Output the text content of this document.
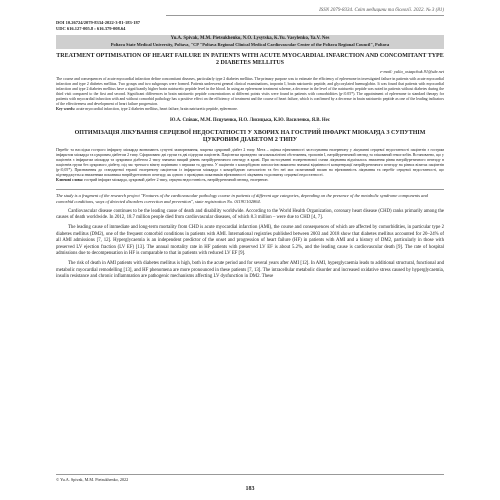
ISSN 2079-8334. Світ медицини та біології. 2022. № 3 (81)
DOI 10.26724/2079-8334-2022-3-81-183-187
UDC 616.127-005.8 : 616.379-008.64
Yu.A. Spivak, M.M. Pietsukhenko, N.O. Lysytska, K.Yu. Vasylenko, Ya.V. Nes
Poltava State Medical University, Poltava, "CP "Poltava Regional Clinical Medical Cardiovascular Center of the Poltava Regional Council", Poltava
TREATMENT OPTIMISATION OF HEART FAILURE IN PATIENTS WITH ACUTE MYOCARDIAL INFARCTION AND CONCOMITANT TYPE 2 DIABETES MELLITUS
e-mail: yulia_ostapchuk.91@ukr.net
The course and consequences of acute myocardial infarction define concomitant diseases, particularly type 2 diabetes mellitus. The primary purpose was to estimate the efficiency of eplerenone in investigated failure in patients with acute myocardial infarction and type 2 diabetes mellitus. Two groups and two subgroups were formed. Patients underwent general clinical examinations, troponin I, brain natriuretic peptide, and glycosylated haemoglobin. It was found that patients with myocardial infarction and type 2 diabetes mellitus have a significantly higher brain natriuretic peptide level in the blood. In using an eplerenone treatment scheme, a decrease in the level of the natriuretic peptide was noted in patients without diabetes during the third visit compared to the first and second. Significant differences in brain natriuretic peptide concentrations at different points visits were found in patients with comorbidities (p<0.05*). The appointment of eplerenone to standard therapy for patients with myocardial infarction with and without comorbid pathology has a positive effect on the efficiency of treatment and the course of heart failure, which is confirmed by a decrease in brain natriuretic peptide as one of the leading indicators of the effectiveness and development of heart failure progression.
Key words: acute myocardial infarction, type 2 diabetes mellitus, heart failure, brain natriuretic peptide, eplerenone.
Ю.А. Співак, М.М. Пєцухенко, Н.О. Лисицька, К.Ю. Василенко, Я.В. Нес
ОПТИМІЗАЦІЯ ЛІКУВАННЯ СЕРЦЕВОЇ НЕДОСТАТНОСТІ У ХВОРИХ НА ГОСТРИЙ ІНФАРКТ МІОКАРДА З СУПУТНІМ ЦУКРОВИМ ДІАБЕТОМ 2 ТИПУ
Перебіг та наслідки гострого інфаркту міокарда визначають супутні захворювання, зокрема цукровий діабет 2 типу. Мета – оцінка ефективності застосування еплеренону у лікуванні серцевої недостатності пацієнтів з гострим інфарктом міокарда та цукровим діабетом 2 типу. Сформовано дві групи та дві підгрупи пацієнтів. Пацієнтам проведено загальноклінічні обстеження, тропонін I, натрійуретичний пептид та глікований гемоглобін. Встановлено, що у пацієнтів з інфарктом міокарда та цукровим діабетом 2 типу значимо вищий рівень натрійуретичного пептиду в крові. При застосуванні еплеренонової схеми лікування відмічалось зниження рівня натрійуретичного пептиду в пацієнтів групи без цукрового діабету, під час третього візиту порівняно з першим та другим. У пацієнтів з коморбідною патологією виявлено значимі відмінності концентрації натрійуретичного пептиду на різних візитах пацієнтів (p<0,05*). Призначення до стандартної терапії еплеренону пацієнтам із інфарктом міокарда з коморбідною патологією та без неї має позитивний вплив на ефективність лікування та перебіг серцевої недостатності, що підтверджується зниженням показника натрійуретичного пептиду, як одного з провідних показників ефективності лікування та розвитку серцевої недостатності.
Ключові слова: гострий інфаркт міокарда, цукровий діабет 2 типу, серцева недостатність, натрійуретичний пептид, еплеренон.
The study is a fragment of the research project "Features of the cardiovascular pathology course in patients of different age categories, depending on the presence of the metabolic syndrome components and comorbid conditions, ways of detected disorders correction and prevention", state registration No. 0119U102864.

Cardiovascular disease continues to be the leading cause of death and disability worldwide. According to the World Health Organization, coronary heart disease (CHD) ranks primarily among the causes of death worldwide. In 2012, 18.7 million people died from cardiovascular diseases, of which 8.3 million – were due to CHD [4, 7].

The leading cause of immediate and long-term mortality from CHD is acute myocardial infarction (AMI), the course and consequences of which are affected by comorbidities, in particular type 2 diabetes mellitus (DM2), one of the frequent comorbid conditions in patients with AMI. International registries published between 2003 and 2018 show that diabetes mellitus accounted for 20–24% of all AMI admissions [7, 12]. Hyperglycaemia is an independent predictor of the onset and progression of heart failure (HF) in patients with AMI and a history of DM2, particularly in those with preserved LV ejection fraction (LV EF) [13]. The annual mortality rate in HF patients with preserved LV EF is about 5.2%, and the leading cause is cardiovascular death [9]. The rate of hospital admissions due to decompensation in HF is comparable to that in patients with reduced LV EF [9].

The risk of death in AMI patients with diabetes mellitus is high, both in the acute period and for several years after AMI [12]. In AMI, hyperglycaemia leads to additional structural, functional and metabolic myocardial remodelling [13], and HF phenomena are more pronounced in these patients [7, 13]. The intracellular metabolic disorder and increased oxidative stress caused by hyperglycaemia, insulin resistance and chronic inflammation are pathogenic mechanisms affecting LV dysfunction in DM2. These

© Yu.A. Spivak, M.M. Pietsukhenko, 2022
183
